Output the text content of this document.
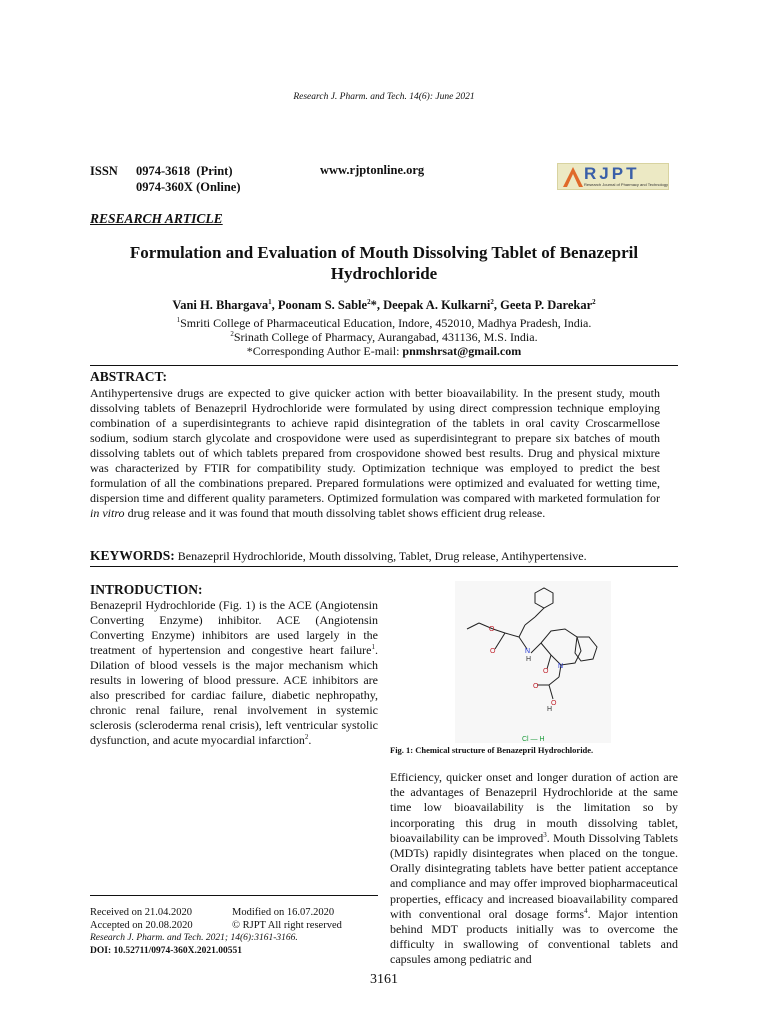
Research J. Pharm. and Tech. 14(6): June 2021
ISSN	0974-3618  (Print)
0974-360X (Online)
www.rjptonline.org	RJPT
Research Journal of Pharmacy and Technology
RESEARCH ARTICLE
Formulation and Evaluation of Mouth Dissolving Tablet of Benazepril Hydrochloride
Vani H. Bhargava$^1$, Poonam S. Sable$^2$*, Deepak A. Kulkarni$^2$, Geeta P. Darekar$^2$
$^1$Smriti College of Pharmaceutical Education, Indore, 452010, Madhya Pradesh, India.
$^2$Srinath College of Pharmacy, Aurangabad, 431136, M.S. India.
*Corresponding Author E-mail: pnmshrsat@gmail.com
ABSTRACT:
Antihypertensive drugs are expected to give quicker action with better bioavailability. In the present study, mouth dissolving tablets of Benazepril Hydrochloride were formulated by using direct compression technique employing combination of a superdisintegrants to achieve rapid disintegration of the tablets in oral cavity Croscarmellose sodium, sodium starch glycolate and crospovidone were used as superdisintegrant to prepare six batches of mouth dissolving tablets out of which tablets prepared from crospovidone showed best results. Drug and physical mixture was characterized by FTIR for compatibility study. Optimization technique was employed to predict the best formulation of all the combinations prepared. Prepared formulations were optimized and evaluated for wetting time, dispersion time and different quality parameters. Optimized formulation was compared with marketed formulation for in vitro drug release and it was found that mouth dissolving tablet shows efficient drug release.
KEYWORDS: Benazepril Hydrochloride, Mouth dissolving, Tablet, Drug release, Antihypertensive.
INTRODUCTION:
Benazepril Hydrochloride (Fig. 1) is the ACE (Angiotensin Converting Enzyme) inhibitor. ACE (Angiotensin Converting Enzyme) inhibitors are used largely in the treatment of hypertension and congestive heart failure$^1$. Dilation of blood vessels is the major mechanism which results in lowering of blood pressure. ACE inhibitors are also prescribed for cardiac failure, diabetic nephropathy, chronic renal failure, renal involvement in systemic sclerosis (scleroderma renal crisis), left ventricular systolic dysfunction, and acute myocardial infarction$^2$.
O
O
O
O
O
N
N
H
H
Cl — H
Fig. 1: Chemical structure of Benazepril Hydrochloride.
Efficiency, quicker onset and longer duration of action are the advantages of Benazepril Hydrochloride at the same time low bioavailability is the limitation so by incorporating this drug in mouth dissolving tablet, bioavailability can be improved$^3$. Mouth Dissolving Tablets (MDTs) rapidly disintegrates when placed on the tongue. Orally disintegrating tablets have better patient acceptance and compliance and may offer improved biopharmaceutical properties, efficacy and increased bioavailability compared with conventional oral dosage forms$^4$. Major intention behind MDT products initially was to overcome the difficulty in swallowing of conventional tablets and capsules among pediatric and
Received on 21.04.2020	Modified on 16.07.2020
Accepted on 20.08.2020	© RJPT All right reserved
Research J. Pharm. and Tech. 2021; 14(6):3161-3166.
DOI: 10.52711/0974-360X.2021.00551
3161
